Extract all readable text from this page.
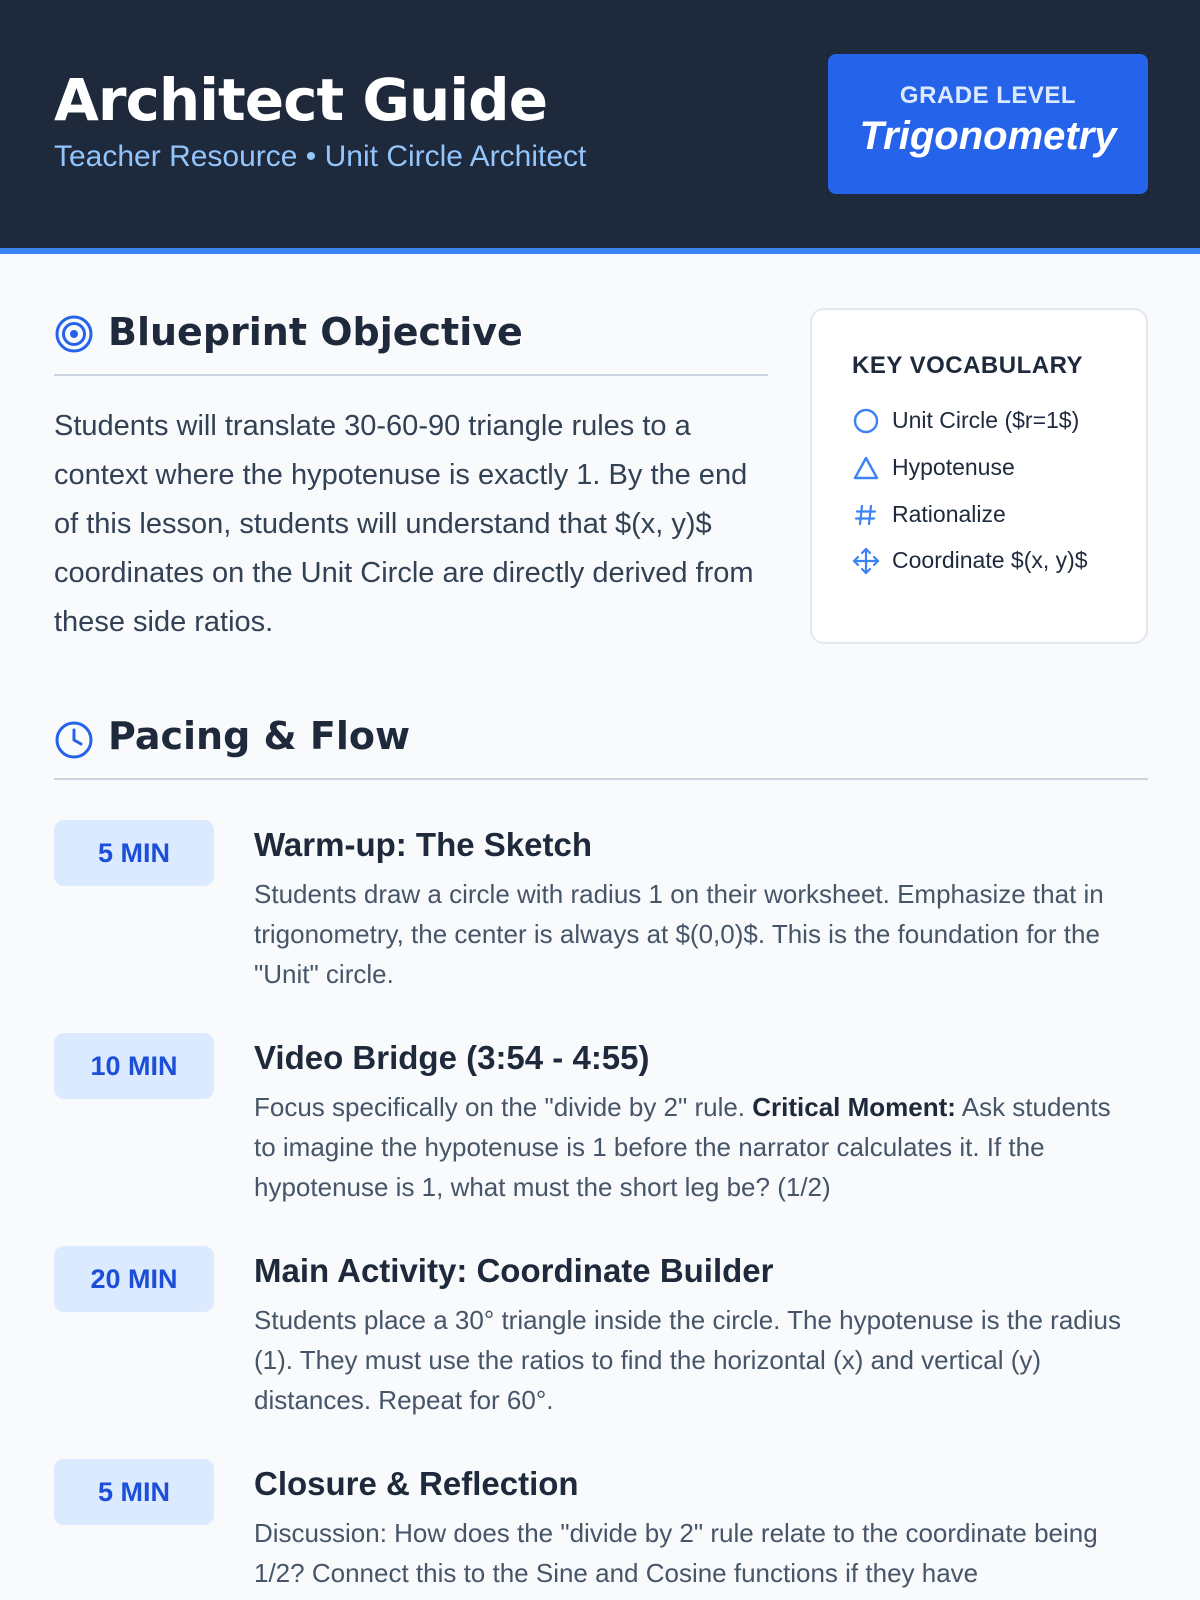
Architect Guide
Teacher Resource • Unit Circle Architect
GRADE LEVEL
Trigonometry
Blueprint Objective

Students will translate 30-60-90 triangle rules to a context where the hypotenuse is exactly 1. By the end of this lesson, students will understand that $(x, y)$ coordinates on the Unit Circle are directly derived from these side ratios.

KEY VOCABULARY
Unit Circle ($r=1$)
Hypotenuse
Rationalize
Coordinate $(x, y)$
Pacing & Flow
5 MIN	Warm-up: The Sketch
Students draw a circle with radius 1 on their worksheet. Emphasize that in trigonometry, the center is always at $(0,0)$. This is the foundation for the "Unit" circle.
10 MIN	Video Bridge (3:54 - 4:55)
Focus specifically on the "divide by 2" rule. Critical Moment: Ask students to imagine the hypotenuse is 1 before the narrator calculates it. If the hypotenuse is 1, what must the short leg be? (1/2)
20 MIN	Main Activity: Coordinate Builder
Students place a 30° triangle inside the circle. The hypotenuse is the radius (1). They must use the ratios to find the horizontal (x) and vertical (y) distances. Repeat for 60°.
5 MIN	Closure & Reflection
Discussion: How does the "divide by 2" rule relate to the coordinate being 1/2? Connect this to the Sine and Cosine functions if they have
